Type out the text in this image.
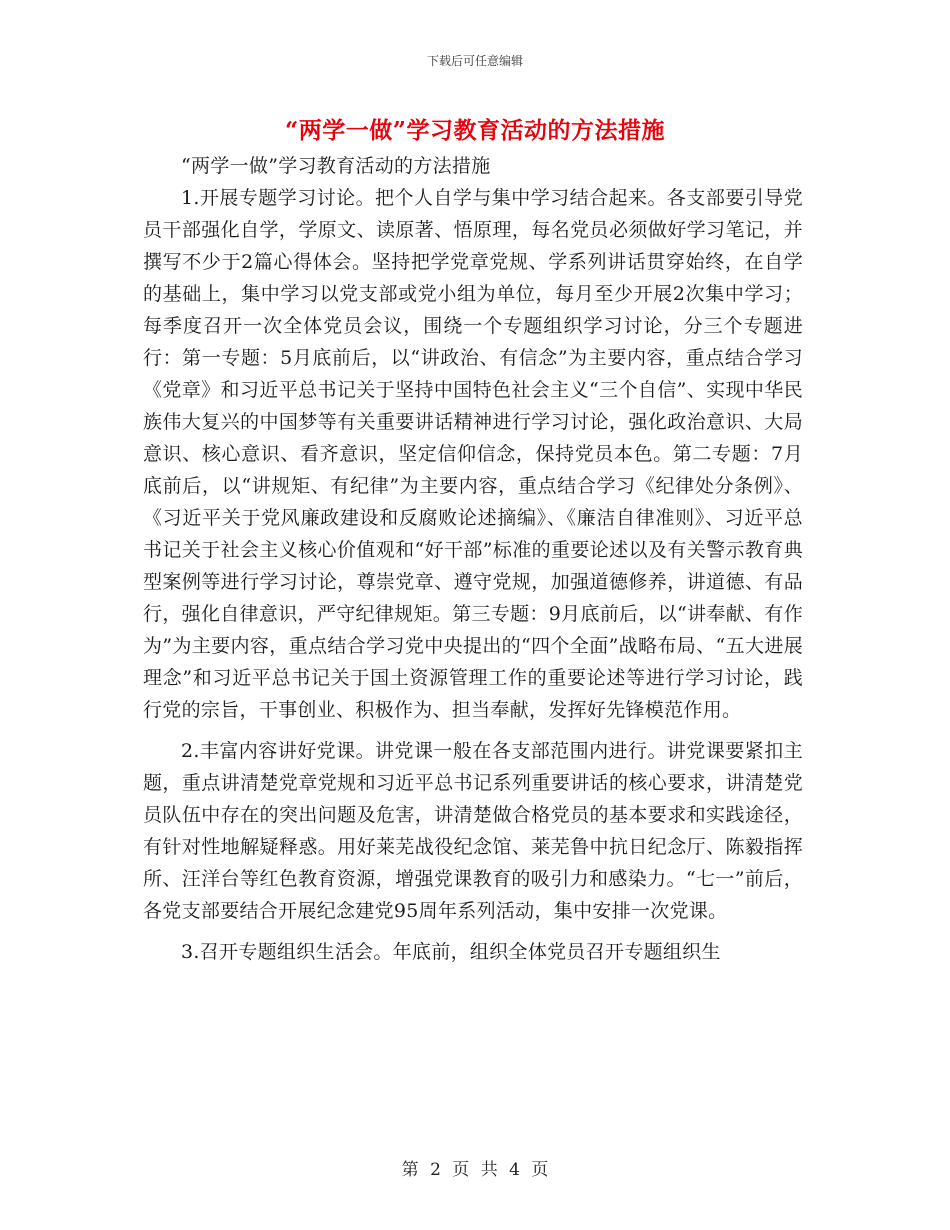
下载后可任意编辑
“两学一做”学习教育活动的方法措施

“两学一做”学习教育活动的方法措施

1.开展专题学习讨论。把个人自学与集中学习结合起来。各支部要引导党员干部强化自学，学原文、读原著、悟原理，每名党员必须做好学习笔记，并撰写不少于2篇心得体会。坚持把学党章党规、学系列讲话贯穿始终，在自学的基础上，集中学习以党支部或党小组为单位，每月至少开展2次集中学习；每季度召开一次全体党员会议，围绕一个专题组织学习讨论，分三个专题进行：第一专题：5月底前后，以“讲政治、有信念”为主要内容，重点结合学习《党章》和习近平总书记关于坚持中国特色社会主义“三个自信”、实现中华民族伟大复兴的中国梦等有关重要讲话精神进行学习讨论，强化政治意识、大局意识、核心意识、看齐意识，坚定信仰信念，保持党员本色。第二专题：7月底前后，以“讲规矩、有纪律”为主要内容，重点结合学习《纪律处分条例》、《习近平关于党风廉政建设和反腐败论述摘编》、《廉洁自律准则》、习近平总书记关于社会主义核心价值观和“好干部”标准的重要论述以及有关警示教育典型案例等进行学习讨论，尊崇党章、遵守党规，加强道德修养，讲道德、有品行，强化自律意识，严守纪律规矩。第三专题：9月底前后，以“讲奉献、有作为”为主要内容，重点结合学习党中央提出的“四个全面”战略布局、“五大进展理念”和习近平总书记关于国土资源管理工作的重要论述等进行学习讨论，践行党的宗旨，干事创业、积极作为、担当奉献，发挥好先锋模范作用。

2.丰富内容讲好党课。讲党课一般在各支部范围内进行。讲党课要紧扣主题，重点讲清楚党章党规和习近平总书记系列重要讲话的核心要求，讲清楚党员队伍中存在的突出问题及危害，讲清楚做合格党员的基本要求和实践途径，有针对性地解疑释惑。用好莱芜战役纪念馆、莱芜鲁中抗日纪念厅、陈毅指挥所、汪洋台等红色教育资源，增强党课教育的吸引力和感染力。“七一”前后，各党支部要结合开展纪念建党95周年系列活动，集中安排一次党课。

3.召开专题组织生活会。年底前，组织全体党员召开专题组织生

第 2 页 共 4 页
